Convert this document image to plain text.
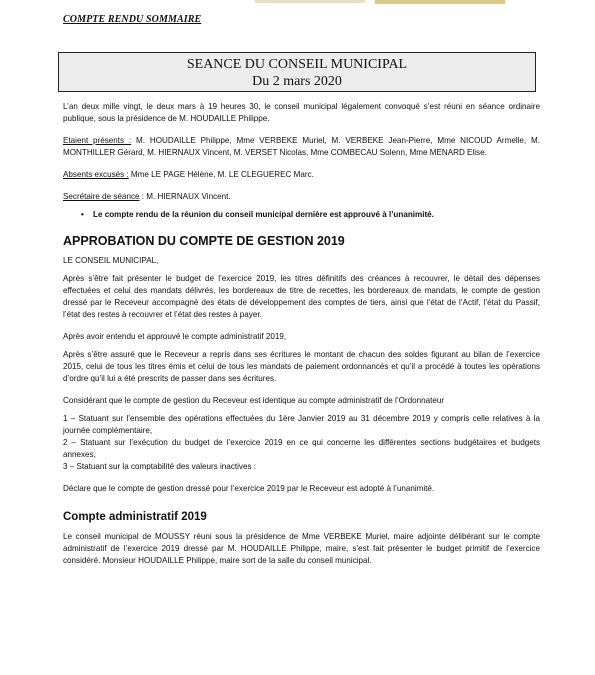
COMPTE RENDU SOMMAIRE
SEANCE DU CONSEIL MUNICIPAL
Du 2 mars 2020

L’an deux mille vingt, le deux mars à 19 heures 30, le conseil municipal légalement convoqué s’est réuni en séance ordinaire publique, sous la présidence de M. HOUDAILLE Philippe.

Etaient présents : M. HOUDAILLE Philippe, Mme VERBEKE Muriel, M. VERBEKE Jean-Pierre, Mme NICOUD Armelle, M. MONTHILLER Gérard, M. HIERNAUX Vincent, M. VERSET Nicolas, Mme COMBECAU Solenn, Mme MENARD Elise.

Absents excusés : Mme LE PAGE Hélène, M. LE CLEGUEREC Marc.

Secrétaire de séance : M. HIERNAUX Vincent.

•	Le compte rendu de la réunion du conseil municipal dernière est approuvé à l’unanimité.
APPROBATION DU COMPTE DE GESTION 2019

LE CONSEIL MUNICIPAL,

Après s’être fait présenter le budget de l’exercice 2019, les titres définitifs des créances à recouvrer, le détail des dépenses effectuées et celui des mandats délivrés, les bordereaux de titre de recettes, les bordereaux de mandats, le compte de gestion dressé par le Receveur accompagné des états de développement des comptes de tiers, ainsi que l’état de l’Actif, l’état du Passif, l’état des restes à recouvrer et l’état des restes à payer.

Après avoir entendu et approuvé le compte administratif 2019,

Après s’être assuré que le Receveur a repris dans ses écritures le montant de chacun des soldes figurant au bilan de l’exercice 2015, celui de tous les titres émis et celui de tous les mandats de paiement ordonnancés et qu’il a procédé à toutes les opérations d’ordre qu’il lui a été prescrits de passer dans ses écritures.

Considérant que le compte de gestion du Receveur est identique au compte administratif de l’Ordonnateur

1 – Statuant sur l’ensemble des opérations effectuées du 1ère Janvier 2019 au 31 décembre 2019 y compris celle relatives à la journée complémentaire,

2 – Statuant sur l’exécution du budget de l’exercice 2019 en ce qui concerne les différentes sections budgétaires et budgets annexes,

3 – Statuant sur la comptabilité des valeurs inactives :

Déclare que le compte de gestion dressé pour l’exercice 2019 par le Receveur est adopté à l’unanimité.

Compte administratif 2019

Le conseil municipal de MOUSSY réuni sous la présidence de Mme VERBEKE Muriel, maire adjointe délibérant sur le compte administratif de l’exercice 2019 dressé par M. HOUDAILLE Philippe, maire, s’est fait présenter le budget primitif de l’exercice considéré. Monsieur HOUDAILLE Philippe, maire sort de la salle du conseil municipal.
